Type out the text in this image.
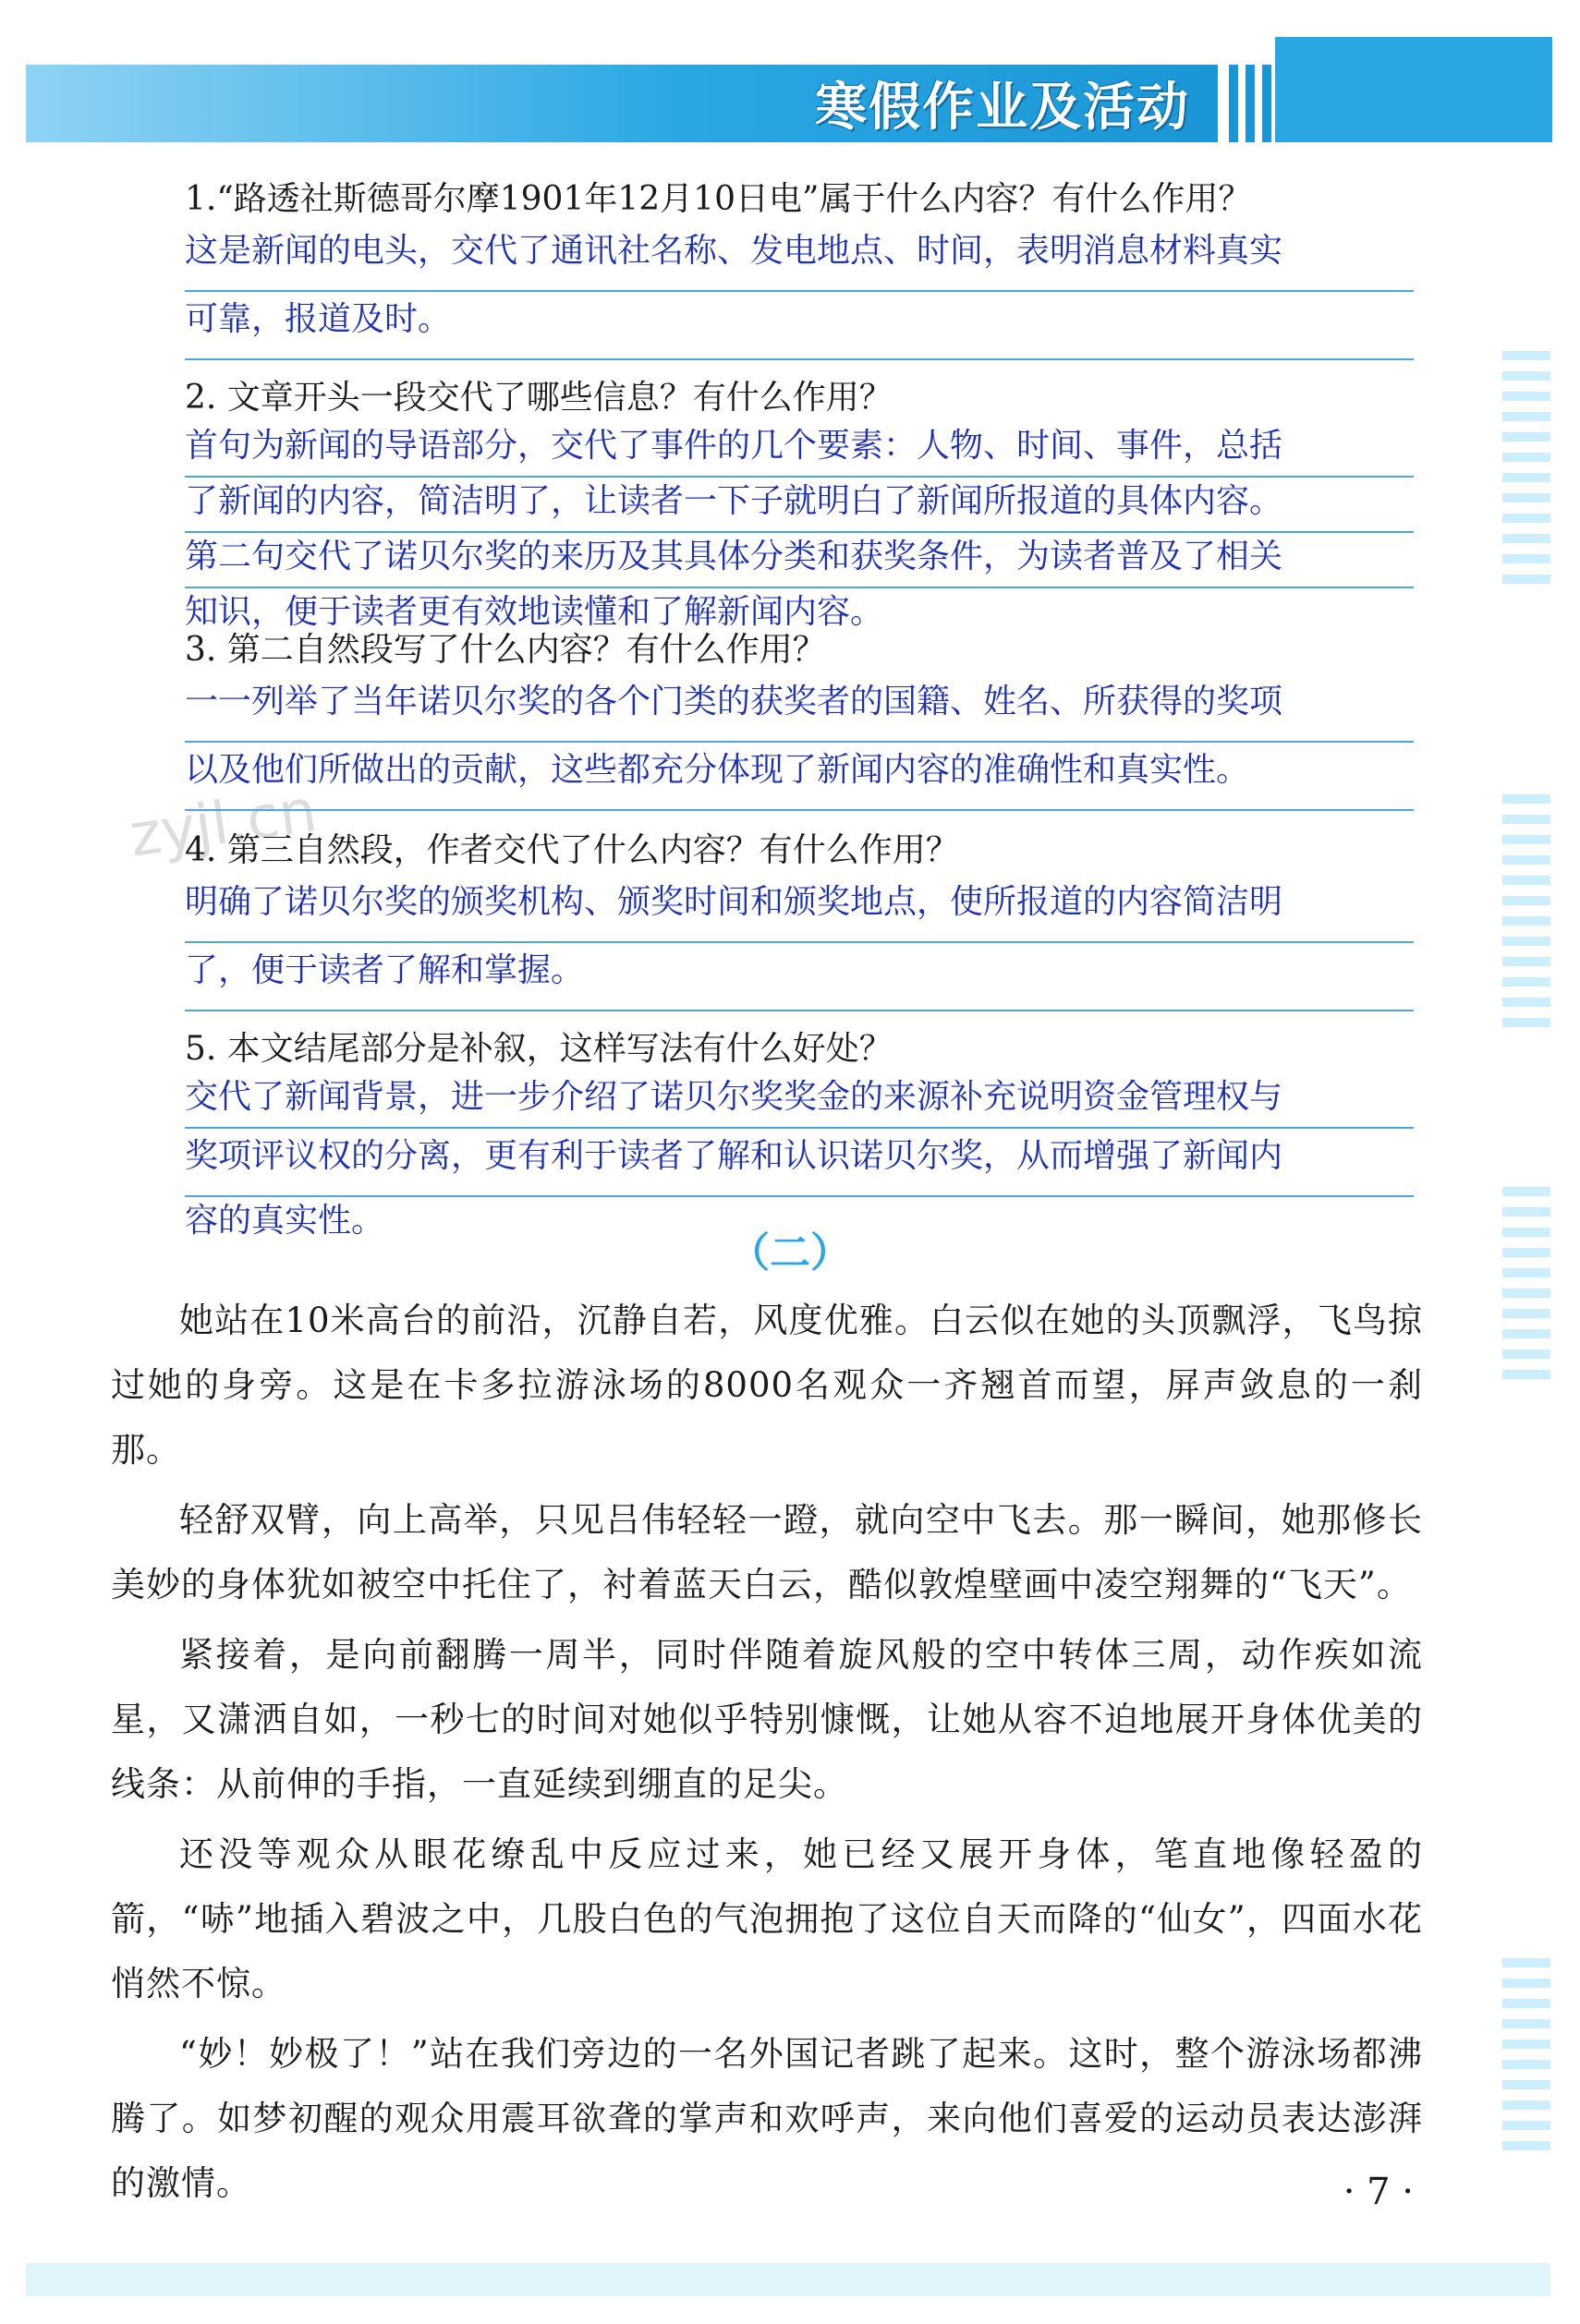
寒假作业及活动
zyjl.cn
1.“路透社斯德哥尔摩1901年12月10日电”属于什么内容？有什么作用？
这是新闻的电头，交代了通讯社名称、发电地点、时间，表明消息材料真实
可靠，报道及时。
2. 文章开头一段交代了哪些信息？有什么作用？
首句为新闻的导语部分，交代了事件的几个要素：人物、时间、事件，总括
了新闻的内容，简洁明了，让读者一下子就明白了新闻所报道的具体内容。
第二句交代了诺贝尔奖的来历及其具体分类和获奖条件，为读者普及了相关
知识，便于读者更有效地读懂和了解新闻内容。
3. 第二自然段写了什么内容？有什么作用？
一一列举了当年诺贝尔奖的各个门类的获奖者的国籍、姓名、所获得的奖项
以及他们所做出的贡献，这些都充分体现了新闻内容的准确性和真实性。
4. 第三自然段，作者交代了什么内容？有什么作用？
明确了诺贝尔奖的颁奖机构、颁奖时间和颁奖地点，使所报道的内容简洁明
了，便于读者了解和掌握。
5. 本文结尾部分是补叙，这样写法有什么好处？
交代了新闻背景，进一步介绍了诺贝尔奖奖金的来源补充说明资金管理权与
奖项评议权的分离，更有利于读者了解和认识诺贝尔奖，从而增强了新闻内
容的真实性。
（二）

她站在10米高台的前沿，沉静自若，风度优雅。白云似在她的头顶飘浮，飞鸟掠过她的身旁。这是在卡多拉游泳场的8000名观众一齐翘首而望，屏声敛息的一刹那。

轻舒双臂，向上高举，只见吕伟轻轻一蹬，就向空中飞去。那一瞬间，她那修长美妙的身体犹如被空中托住了，衬着蓝天白云，酷似敦煌壁画中凌空翔舞的“飞天”。

紧接着，是向前翻腾一周半，同时伴随着旋风般的空中转体三周，动作疾如流星，又潇洒自如，一秒七的时间对她似乎特别慷慨，让她从容不迫地展开身体优美的线条：从前伸的手指，一直延续到绷直的足尖。

还没等观众从眼花缭乱中反应过来，她已经又展开身体，笔直地像轻盈的箭，“哧”地插入碧波之中，几股白色的气泡拥抱了这位自天而降的“仙女”，四面水花悄然不惊。

“妙！妙极了！”站在我们旁边的一名外国记者跳了起来。这时，整个游泳场都沸腾了。如梦初醒的观众用震耳欲聋的掌声和欢呼声，来向他们喜爱的运动员表达澎湃的激情。	· 7 ·
